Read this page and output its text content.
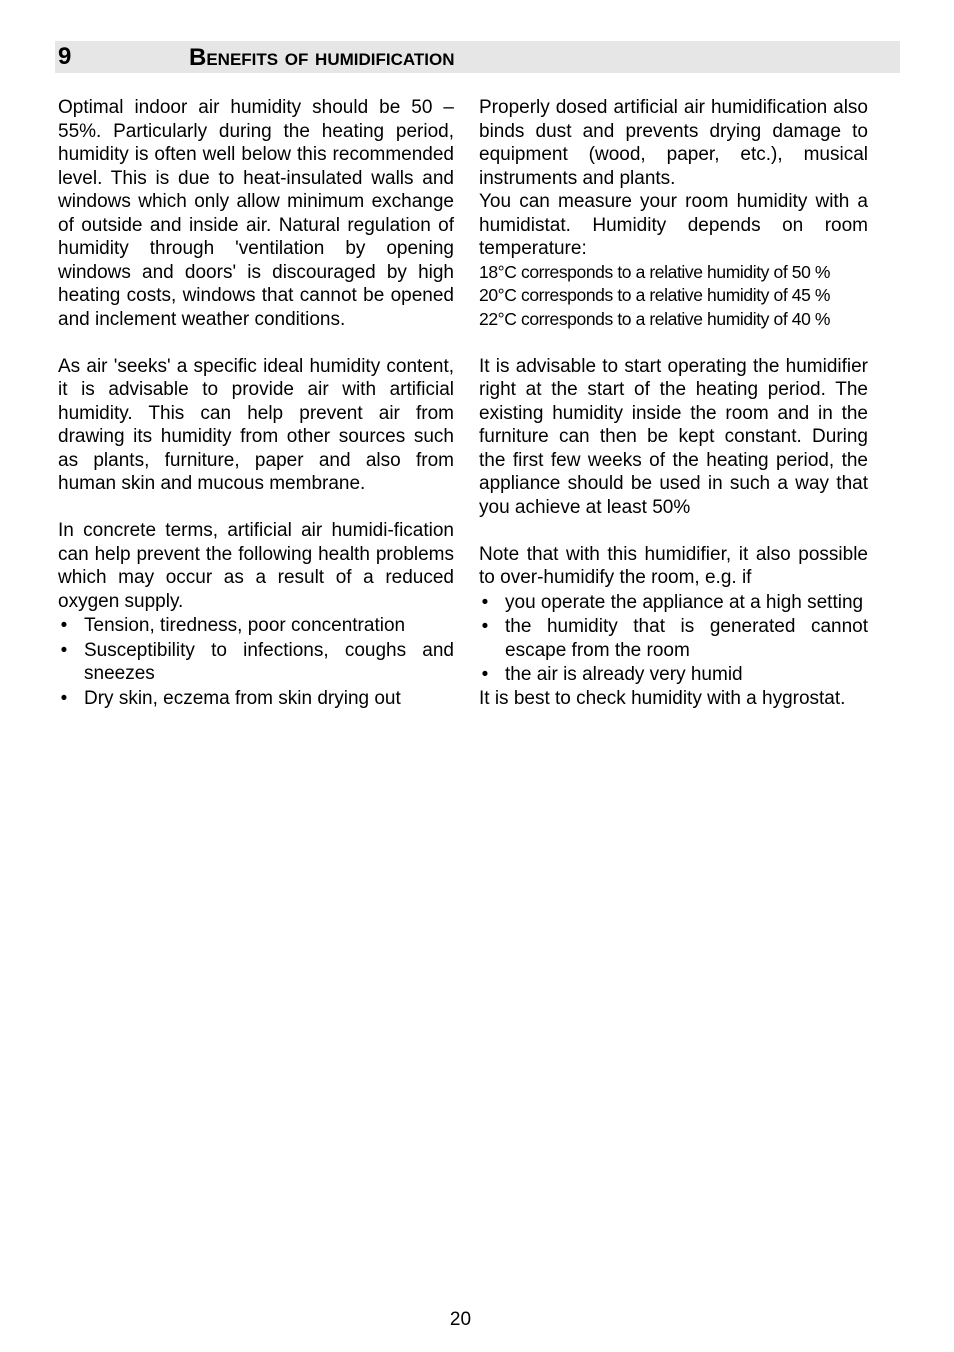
9	Benefits of humidification

Optimal indoor air humidity should be 50 – 55%. Particularly during the heating period, humidity is often well below this recommended level. This is due to heat-insulated walls and windows which only allow minimum exchange of outside and inside air. Natural regulation of humidity through 'ventilation by opening windows and doors' is discouraged by high heating costs, windows that cannot be opened and inclement weather conditions.

As air 'seeks' a specific ideal humidity content, it is advisable to provide air with artificial humidity. This can help prevent air from drawing its humidity from other sources such as plants, furniture, paper and also from human skin and mucous membrane.

In concrete terms, artificial air humidi-fication can help prevent the following health problems which may occur as a result of a reduced oxygen supply.

• Tension, tiredness, poor concentration
• Susceptibility to infections, coughs and sneezes
• Dry skin, eczema from skin drying out

Properly dosed artificial air humidification also binds dust and prevents drying damage to equipment (wood, paper, etc.), musical instruments and plants.

You can measure your room humidity with a humidistat. Humidity depends on room temperature:

18°C corresponds to a relative humidity of 50 %
20°C corresponds to a relative humidity of 45 %
22°C corresponds to a relative humidity of 40 %

It is advisable to start operating the humidifier right at the start of the heating period. The existing humidity inside the room and in the furniture can then be kept constant. During the first few weeks of the heating period, the appliance should be used in such a way that you achieve at least 50%

Note that with this humidifier, it also possible to over-humidify the room, e.g. if

• you operate the appliance at a high setting
• the humidity that is generated cannot escape from the room
• the air is already very humid

It is best to check humidity with a hygrostat.

20
